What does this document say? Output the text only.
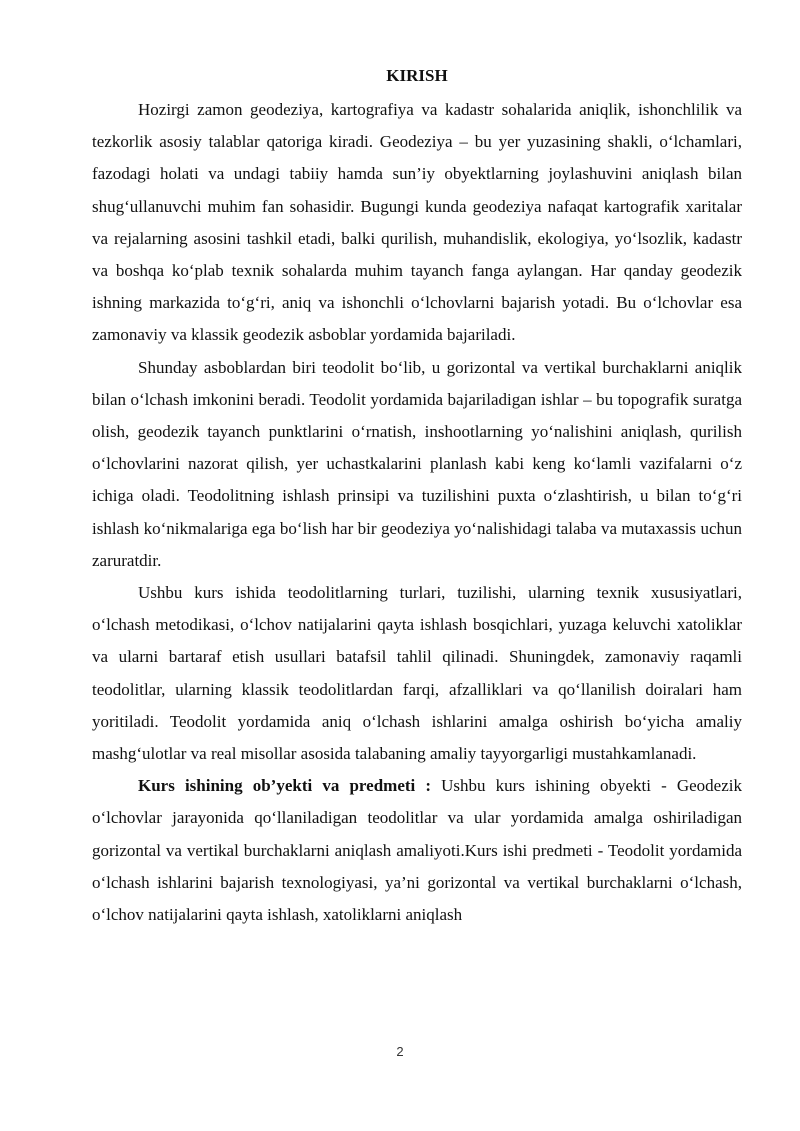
KIRISH

Hozirgi zamon geodeziya, kartografiya va kadastr sohalarida aniqlik, ishonchlilik va tezkorlik asosiy talablar qatoriga kiradi. Geodeziya – bu yer yuzasining shakli, o‘lchamlari, fazodagi holati va undagi tabiiy hamda sun’iy obyektlarning joylashuvini aniqlash bilan shug‘ullanuvchi muhim fan sohasidir. Bugungi kunda geodeziya nafaqat kartografik xaritalar va rejalarning asosini tashkil etadi, balki qurilish, muhandislik, ekologiya, yo‘lsozlik, kadastr va boshqa ko‘plab texnik sohalarda muhim tayanch fanga aylangan. Har qanday geodezik ishning markazida to‘g‘ri, aniq va ishonchli o‘lchovlarni bajarish yotadi. Bu o‘lchovlar esa zamonaviy va klassik geodezik asboblar yordamida bajariladi.

Shunday asboblardan biri teodolit bo‘lib, u gorizontal va vertikal burchaklarni aniqlik bilan o‘lchash imkonini beradi. Teodolit yordamida bajariladigan ishlar – bu topografik suratga olish, geodezik tayanch punktlarini o‘rnatish, inshootlarning yo‘nalishini aniqlash, qurilish o‘lchovlarini nazorat qilish, yer uchastkalarini planlash kabi keng ko‘lamli vazifalarni o‘z ichiga oladi. Teodolitning ishlash prinsipi va tuzilishini puxta o‘zlashtirish, u bilan to‘g‘ri ishlash ko‘nikmalariga ega bo‘lish har bir geodeziya yo‘nalishidagi talaba va mutaxassis uchun zaruratdir.

Ushbu kurs ishida teodolitlarning turlari, tuzilishi, ularning texnik xususiyatlari, o‘lchash metodikasi, o‘lchov natijalarini qayta ishlash bosqichlari, yuzaga keluvchi xatoliklar va ularni bartaraf etish usullari batafsil tahlil qilinadi. Shuningdek, zamonaviy raqamli teodolitlar, ularning klassik teodolitlardan farqi, afzalliklari va qo‘llanilish doiralari ham yoritiladi. Teodolit yordamida aniq o‘lchash ishlarini amalga oshirish bo‘yicha amaliy mashg‘ulotlar va real misollar asosida talabaning amaliy tayyorgarligi mustahkamlanadi.

Kurs ishining ob’yekti va predmeti : Ushbu kurs ishining obyekti - Geodezik o‘lchovlar jarayonida qo‘llaniladigan teodolitlar va ular yordamida amalga oshiriladigan gorizontal va vertikal burchaklarni aniqlash amaliyoti.Kurs ishi predmeti - Teodolit yordamida o‘lchash ishlarini bajarish texnologiyasi, ya’ni gorizontal va vertikal burchaklarni o‘lchash, o‘lchov natijalarini qayta ishlash, xatoliklarni aniqlash

2
